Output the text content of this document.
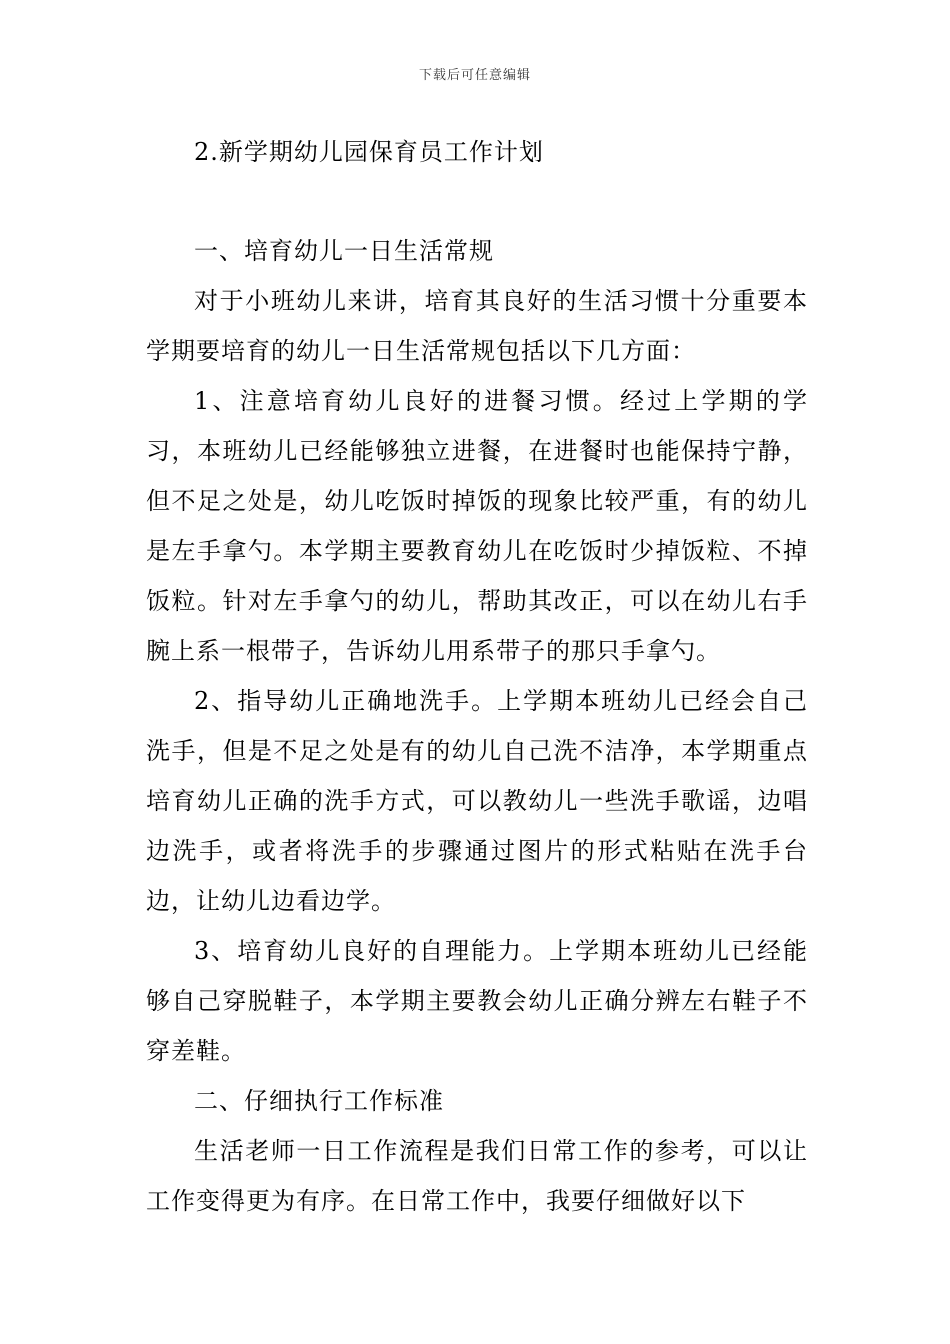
下载后可任意编辑
2.新学期幼儿园保育员工作计划
一、培育幼儿一日生活常规

对于小班幼儿来讲，培育其良好的生活习惯十分重要本学期要培育的幼儿一日生活常规包括以下几方面：

1、注意培育幼儿良好的进餐习惯。经过上学期的学习，本班幼儿已经能够独立进餐，在进餐时也能保持宁静，但不足之处是，幼儿吃饭时掉饭的现象比较严重，有的幼儿是左手拿勺。本学期主要教育幼儿在吃饭时少掉饭粒、不掉饭粒。针对左手拿勺的幼儿，帮助其改正，可以在幼儿右手腕上系一根带子，告诉幼儿用系带子的那只手拿勺。

2、指导幼儿正确地洗手。上学期本班幼儿已经会自己洗手，但是不足之处是有的幼儿自己洗不洁净，本学期重点培育幼儿正确的洗手方式，可以教幼儿一些洗手歌谣，边唱边洗手，或者将洗手的步骤通过图片的形式粘贴在洗手台边，让幼儿边看边学。

3、培育幼儿良好的自理能力。上学期本班幼儿已经能够自己穿脱鞋子，本学期主要教会幼儿正确分辨左右鞋子不穿差鞋。

二、仔细执行工作标准

生活老师一日工作流程是我们日常工作的参考，可以让工作变得更为有序。在日常工作中，我要仔细做好以下
